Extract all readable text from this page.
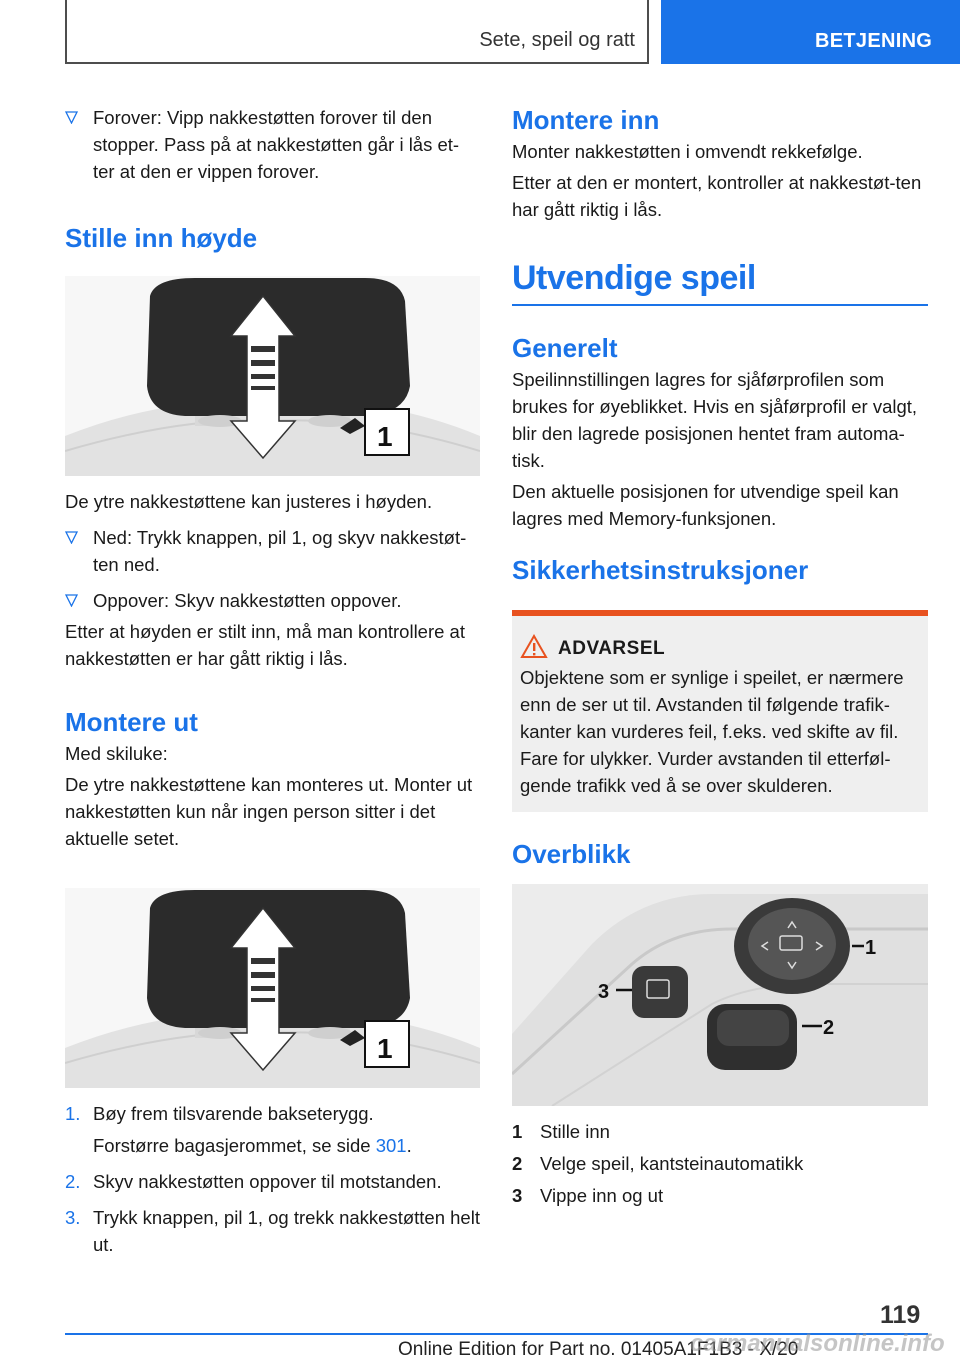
Sete, speil og ratt	BETJENING
Forover: Vipp nakkestøtten forover til den stopper. Pass på at nakkestøtten går i lås et-ter at den er vippen forover.
Stille inn høyde
1

De ytre nakkestøttene kan justeres i høyden.

Ned: Trykk knappen, pil 1, og skyv nakkestøt-ten ned.
Oppover: Skyv nakkestøtten oppover.

Etter at høyden er stilt inn, må man kontrollere at nakkestøtten er har gått riktig i lås.

Montere ut

Med skiluke:

De ytre nakkestøttene kan monteres ut. Monter ut nakkestøtten kun når ingen person sitter i det aktuelle setet.

1
1. Bøy frem tilsvarende bakseterygg.
Forstørre bagasjerommet, se side 301.
2. Skyv nakkestøtten oppover til motstanden.
3. Trykk knappen, pil 1, og trekk nakkestøtten helt ut.
Montere inn

Monter nakkestøtten i omvendt rekkefølge.

Etter at den er montert, kontroller at nakkestøt-ten har gått riktig i lås.

Utvendige speil
Generelt

Speilinnstillingen lagres for sjåførprofilen som brukes for øyeblikket. Hvis en sjåførprofil er valgt, blir den lagrede posisjonen hentet fram automa-tisk.

Den aktuelle posisjonen for utvendige speil kan lagres med Memory-funksjonen.

Sikkerhetsinstruksjoner
ADVARSEL
Objektene som er synlige i speilet, er nærmere enn de ser ut til. Avstanden til følgende trafik-kanter kan vurderes feil, f.eks. ved skifte av fil. Fare for ulykker. Vurder avstanden til etterføl-gende trafikk ved å se over skulderen.
Overblikk
1
2
3
1 Stille inn
2 Velge speil, kantsteinautomatikk
3 Vippe inn og ut
119
Online Edition for Part no. 01405A1F1B3 - X/20
carmanualsonline.info
